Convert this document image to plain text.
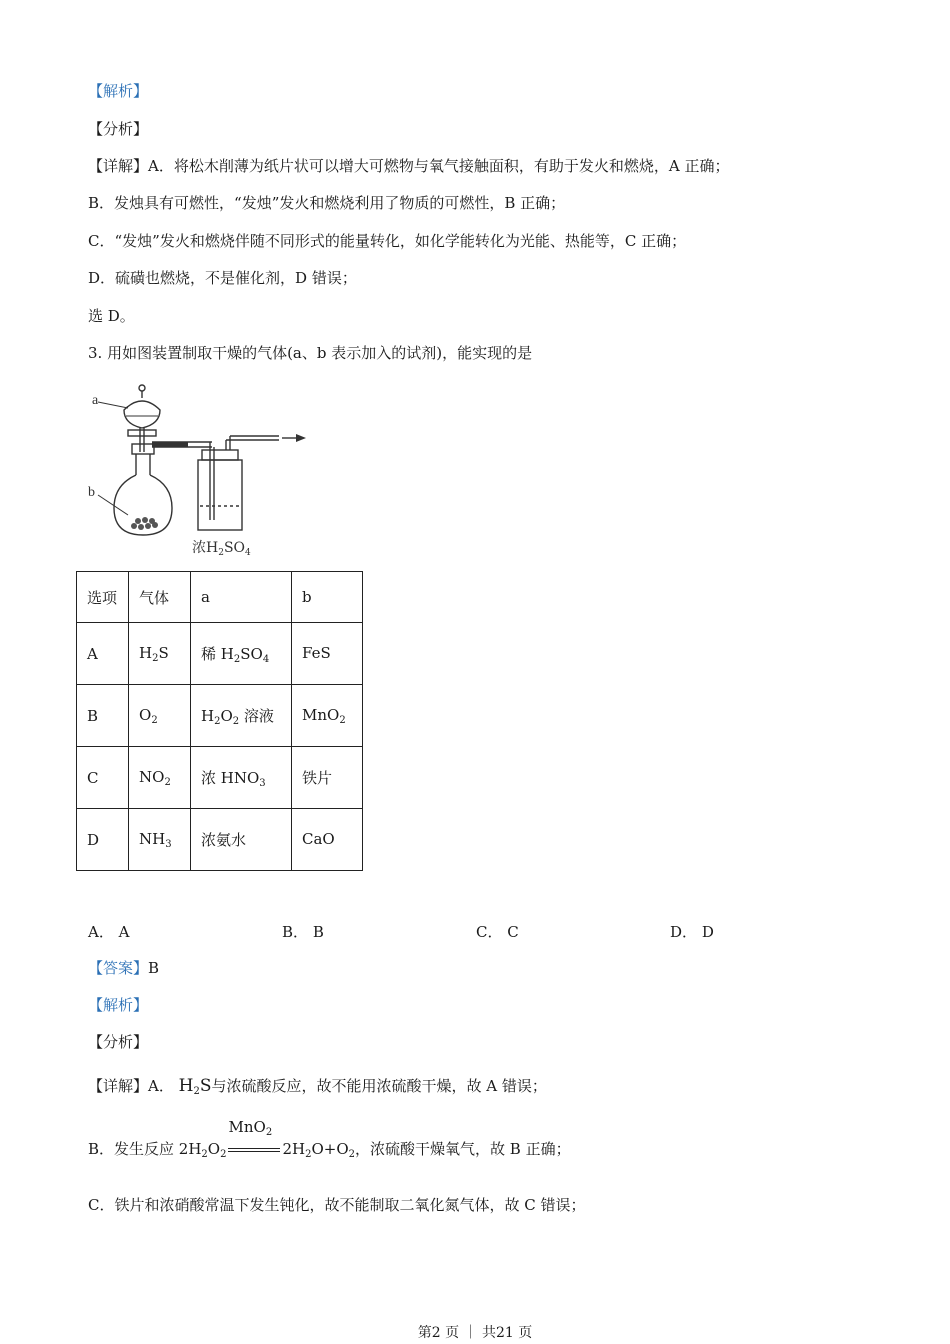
【解析】
【分析】
【详解】A．将松木削薄为纸片状可以增大可燃物与氧气接触面积，有助于发火和燃烧，A 正确；
B．发烛具有可燃性，“发烛”发火和燃烧利用了物质的可燃性，B 正确；
C．“发烛”发火和燃烧伴随不同形式的能量转化，如化学能转化为光能、热能等，C 正确；
D．硫磺也燃烧，不是催化剂，D 错误；
选 D。
3. 用如图装置制取干燥的气体(a、b 表示加入的试剂)，能实现的是
a
b
浓$H_2SO_4$
选项	气体	a	b
A	$H_2S$	稀 $H_2SO_4$	FeS
B	$O_2$	$H_2O_2$ 溶液	MnO$_2$
C	$NO_2$	浓 $HNO_3$	铁片
D	$NH_3$	浓氨水	CaO
A． A	B． B	C． C	D． D
【答案】B
【解析】
【分析】
【详解】A． $H_2S$与浓硫酸反应，故不能用浓硫酸干燥，故 A 错误；
B．发生反应 $2H_2O_2$
MnO$_2$
$2H_2O+O_2$，浓硫酸干燥氧气，故 B 正确；
C．铁片和浓硝酸常温下发生钝化，故不能制取二氧化氮气体，故 C 错误；
第2 页 ｜ 共21 页
